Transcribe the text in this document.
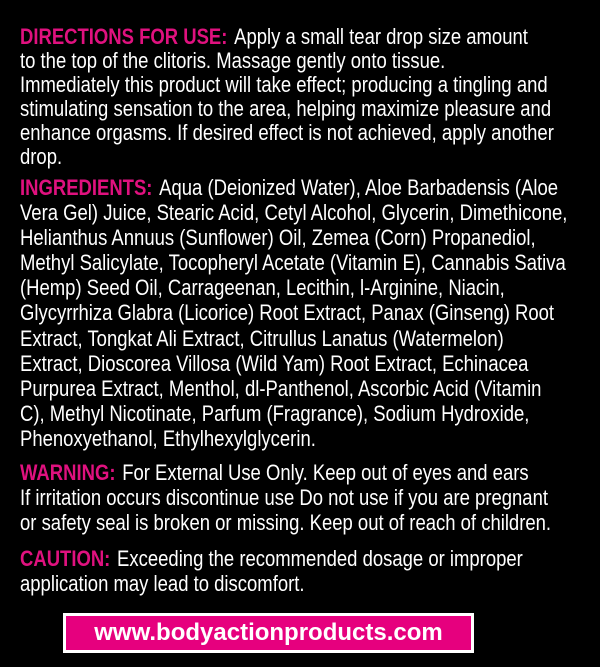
DIRECTIONS FOR USE: Apply a small tear drop size amount
to the top of the clitoris. Massage gently onto tissue.
Immediately this product will take effect; producing a tingling and
stimulating sensation to the area, helping maximize pleasure and
enhance orgasms. If desired effect is not achieved, apply another
drop.
INGREDIENTS: Aqua (Deionized Water), Aloe Barbadensis (Aloe
Vera Gel) Juice, Stearic Acid, Cetyl Alcohol, Glycerin, Dimethicone,
Helianthus Annuus (Sunflower) Oil, Zemea (Corn) Propanediol,
Methyl Salicylate, Tocopheryl Acetate (Vitamin E), Cannabis Sativa
(Hemp) Seed Oil, Carrageenan, Lecithin, l-Arginine, Niacin,
Glycyrrhiza Glabra (Licorice) Root Extract, Panax (Ginseng) Root
Extract, Tongkat Ali Extract, Citrullus Lanatus (Watermelon)
Extract, Dioscorea Villosa (Wild Yam) Root Extract, Echinacea
Purpurea Extract, Menthol, dl-Panthenol, Ascorbic Acid (Vitamin
C), Methyl Nicotinate, Parfum (Fragrance), Sodium Hydroxide,
Phenoxyethanol, Ethylhexylglycerin.
WARNING: For External Use Only. Keep out of eyes and ears
If irritation occurs discontinue use Do not use if you are pregnant
or safety seal is broken or missing. Keep out of reach of children.
CAUTION: Exceeding the recommended dosage or improper
application may lead to discomfort.
www.bodyactionproducts.com
